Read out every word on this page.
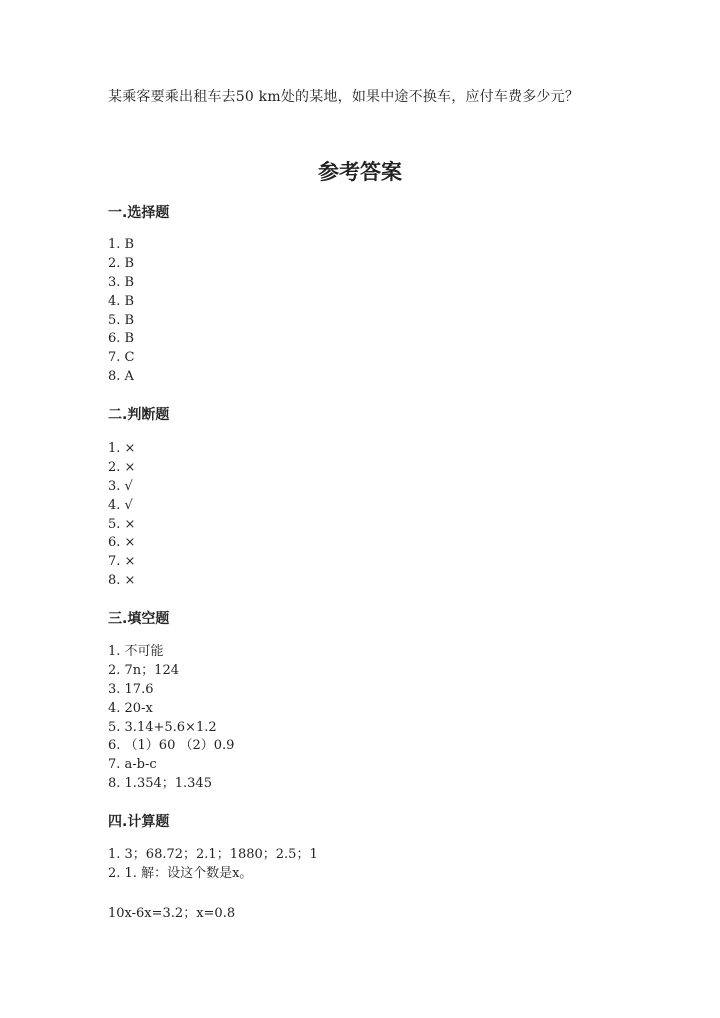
某乘客要乘出租车去50 km处的某地，如果中途不换车，应付车费多少元？
参考答案
一.选择题
1. B
2. B
3. B
4. B
5. B
6. B
7. C
8. A
二.判断题
1. ×
2. ×
3. √
4. √
5. ×
6. ×
7. ×
8. ×
三.填空题
1. 不可能
2. 7n；124
3. 17.6
4. 20-x
5. 3.14+5.6×1.2
6. （1）60 （2）0.9
7. a-b-c
8. 1.354；1.345
四.计算题
1. 3；68.72；2.1；1880；2.5；1
2. 1. 解：设这个数是x。
10x-6x=3.2；x=0.8
